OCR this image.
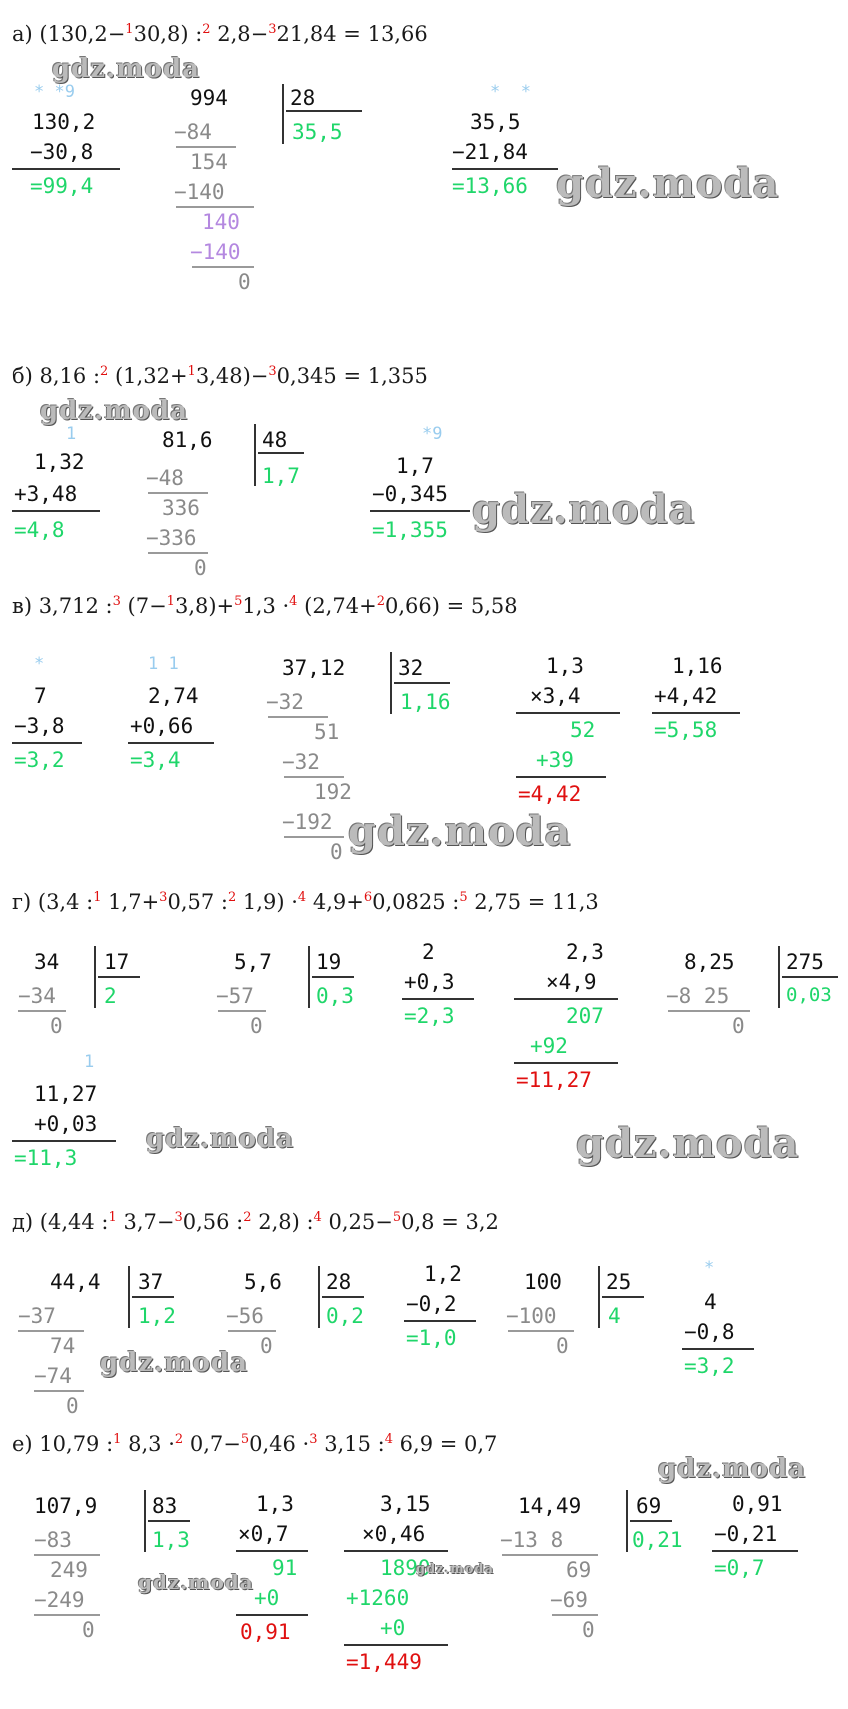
а) (130,2−$^1$30,8) :$^2$ 2,8−$^3$21,84 = 13,66
gdz.moda
* *9
130,2
−30,8
=99,4
994	28
35,5
−84
154
−140
140
−140
0
*  *
35,5
−21,84
=13,66 gdz.moda
б) 8,16 :$^2$ (1,32+$^1$3,48)−$^3$0,345 = 1,355
gdz.moda
1
1,32
+3,48
=4,8
81,6 48
1,7
−48
336
−336
0
*9
1,7
−0,345
=1,355 gdz.moda
в) 3,712 :$^3$ (7−$^1$3,8)+$^5$1,3 ·$^4$ (2,74+$^2$0,66) = 5,58
*
7
−3,8
=3,2
1 1
2,74
+0,66
=3,4
37,12	32
1,16
−32
51
−32
192
−192
0 gdz.moda
1,3
×3,4
52
+39
=4,42
1,16
+4,42
=5,58
г) (3,4 :$^1$ 1,7+$^3$0,57 :$^2$ 1,9) ·$^4$ 4,9+$^6$0,0825 :$^5$ 2,75 = 11,3
34 17
2
−34
0
5,7 19
0,3
−57
0
2
+0,3
=2,3
2,3
×4,9
207
+92
=11,27
8,25 275
0,03
−8 25
0
1
11,27
+0,03
=11,3
gdz.moda	gdz.moda
д) (4,44 :$^1$ 3,7−$^3$0,56 :$^2$ 2,8) :$^4$ 0,25−$^5$0,8 = 3,2
44,4 37
1,2
−37
74
−74
0
gdz.moda
5,6 28
0,2
−56
0
1,2
−0,2
=1,0
100 25
4
−100
0
*
4
−0,8
=3,2
е) 10,79 :$^1$ 8,3 ·$^2$ 0,7−$^5$0,46 ·$^3$ 3,15 :$^4$ 6,9 = 0,7
gdz.moda
107,9	83
1,3
−83
249
−249
0
gdz.moda
1,3
×0,7
91
+0
0,91
3,15
×0,46
1890
gdz.moda
+1260
+0
=1,449
14,49	69
0,21
−13 8
69
−69
0
0,91
−0,21
=0,7
